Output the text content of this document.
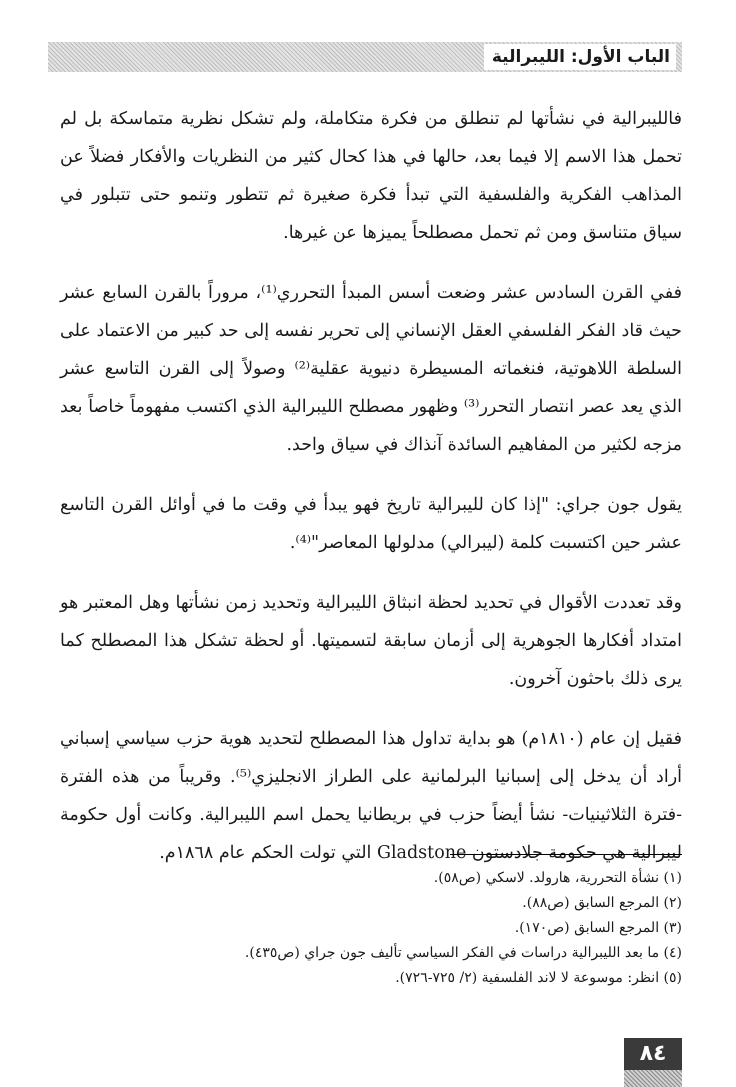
الباب الأول: الليبرالية

فالليبرالية في نشأتها لم تنطلق من فكرة متكاملة، ولم تشكل نظرية متماسكة بل لم تحمل هذا الاسم إلا فيما بعد، حالها في هذا كحال كثير من النظريات والأفكار فضلاً عن المذاهب الفكرية والفلسفية التي تبدأ فكرة صغيرة ثم تتطور وتنمو حتى تتبلور في سياق متناسق ومن ثم تحمل مصطلحاً يميزها عن غيرها.

ففي القرن السادس عشر وضعت أسس المبدأ التحرري⁽¹⁾، مروراً بالقرن السابع عشر حيث قاد الفكر الفلسفي العقل الإنساني إلى تحرير نفسه إلى حد كبير من الاعتماد على السلطة اللاهوتية، فنغماته المسيطرة دنيوية عقلية⁽²⁾ وصولاً إلى القرن التاسع عشر الذي يعد عصر انتصار التحرر⁽³⁾ وظهور مصطلح الليبرالية الذي اكتسب مفهوماً خاصاً بعد مزجه لكثير من المفاهيم السائدة آنذاك في سياق واحد.

يقول جون جراي: "إذا كان لليبرالية تاريخ فهو يبدأ في وقت ما في أوائل القرن التاسع عشر حين اكتسبت كلمة (ليبرالي) مدلولها المعاصر"⁽⁴⁾.

وقد تعددت الأقوال في تحديد لحظة انبثاق الليبرالية وتحديد زمن نشأتها وهل المعتبر هو امتداد أفكارها الجوهرية إلى أزمان سابقة لتسميتها. أو لحظة تشكل هذا المصطلح كما يرى ذلك باحثون آخرون.

فقيل إن عام (١٨١٠م) هو بداية تداول هذا المصطلح لتحديد هوية حزب سياسي إسباني أراد أن يدخل إلى إسبانيا البرلمانية على الطراز الانجليزي⁽⁵⁾. وقريباً من هذه الفترة -فترة الثلاثينيات- نشأ أيضاً حزب في بريطانيا يحمل اسم الليبرالية. وكانت أول حكومة ليبرالية هي حكومة جلادستون Gladstone التي تولت الحكم عام ١٨٦٨م.

(١) نشأة التحررية، هارولد. لاسكي (ص٥٨).
(٢) المرجع السابق (ص٨٨).
(٣) المرجع السابق (ص١٧٠).
(٤) ما بعد الليبرالية دراسات في الفكر السياسي تأليف جون جراي (ص٤٣٥).
(٥) انظر: موسوعة لا لاند الفلسفية (٢/ ٧٢٥-٧٢٦).
٨٤
